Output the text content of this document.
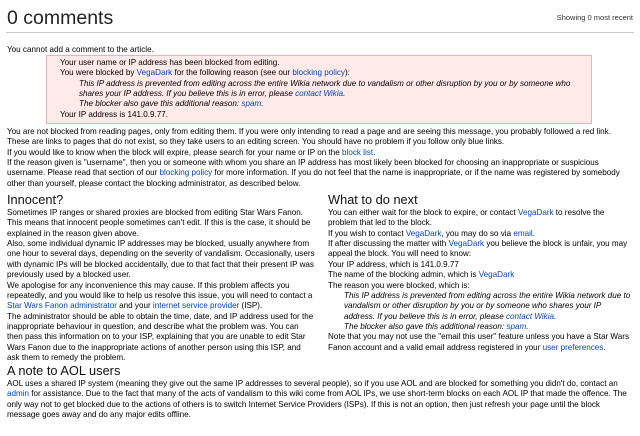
0 comments	Showing 0 most recent
You cannot add a comment to the article.
Your user name or IP address has been blocked from editing.
You were blocked by VegaDark for the following reason (see our blocking policy):
This IP address is prevented from editing across the entire Wikia network due to vandalism or other disruption by you or by someone who shares your IP address. If you believe this is in error, please contact Wikia.
The blocker also gave this additional reason: spam.
Your IP address is 141.0.9.77.
You are not blocked from reading pages, only from editing them. If you were only intending to read a page and are seeing this message, you probably followed a red link. These are links to pages that do not exist, so they take users to an editing screen. You should have no problem if you follow only blue links.
If you would like to know when the block will expire, please search for your name or IP on the block list.
If the reason given is "username", then you or someone with whom you share an IP address has most likely been blocked for choosing an inappropriate or suspicious username. Please read that section of our blocking policy for more information. If you do not feel that the name is inappropriate, or if the name was registered by somebody other than yourself, please contact the blocking administrator, as described below.
Innocent?
Sometimes IP ranges or shared proxies are blocked from editing Star Wars Fanon. This means that innocent people sometimes can't edit. If this is the case, it should be explained in the reason given above.
Also, some individual dynamic IP addresses may be blocked, usually anywhere from one hour to several days, depending on the severity of vandalism. Occasionally, users with dynamic IPs will be blocked accidentally, due to that fact that their present IP was previously used by a blocked user.
We apologise for any inconvenience this may cause. If this problem affects you repeatedly, and you would like to help us resolve this issue, you will need to contact a Star Wars Fanon administrator and your internet service provider (ISP).
The administrator should be able to obtain the time, date, and IP address used for the inappropriate behaviour in question, and describe what the problem was. You can then pass this information on to your ISP, explaining that you are unable to edit Star Wars Fanon due to the inappropriate actions of another person using this ISP, and ask them to remedy the problem.
What to do next
You can either wait for the block to expire, or contact VegaDark to resolve the problem that led to the block.
If you wish to contact VegaDark, you may do so via email.
If after discussing the matter with VegaDark you believe the block is unfair, you may appeal the block. You will need to know:
Your IP address, which is 141.0.9.77
The name of the blocking admin, which is VegaDark
The reason you were blocked, which is:
This IP address is prevented from editing across the entire Wikia network due to vandalism or other disruption by you or by someone who shares your IP address. If you believe this is in error, please contact Wikia.
The blocker also gave this additional reason: spam.
Note that you may not use the "email this user" feature unless you have a Star Wars Fanon account and a valid email address registered in your user preferences.
A note to AOL users
AOL uses a shared IP system (meaning they give out the same IP addresses to several people), so if you use AOL and are blocked for something you didn't do, contact an admin for assistance. Due to the fact that many of the acts of vandalism to this wiki come from AOL IPs, we use short-term blocks on each AOL IP that made the offence. The only way not to get blocked due to the actions of others is to switch Internet Service Providers (ISPs). If this is not an option, then just refresh your page until the block message goes away and do any major edits offline.
